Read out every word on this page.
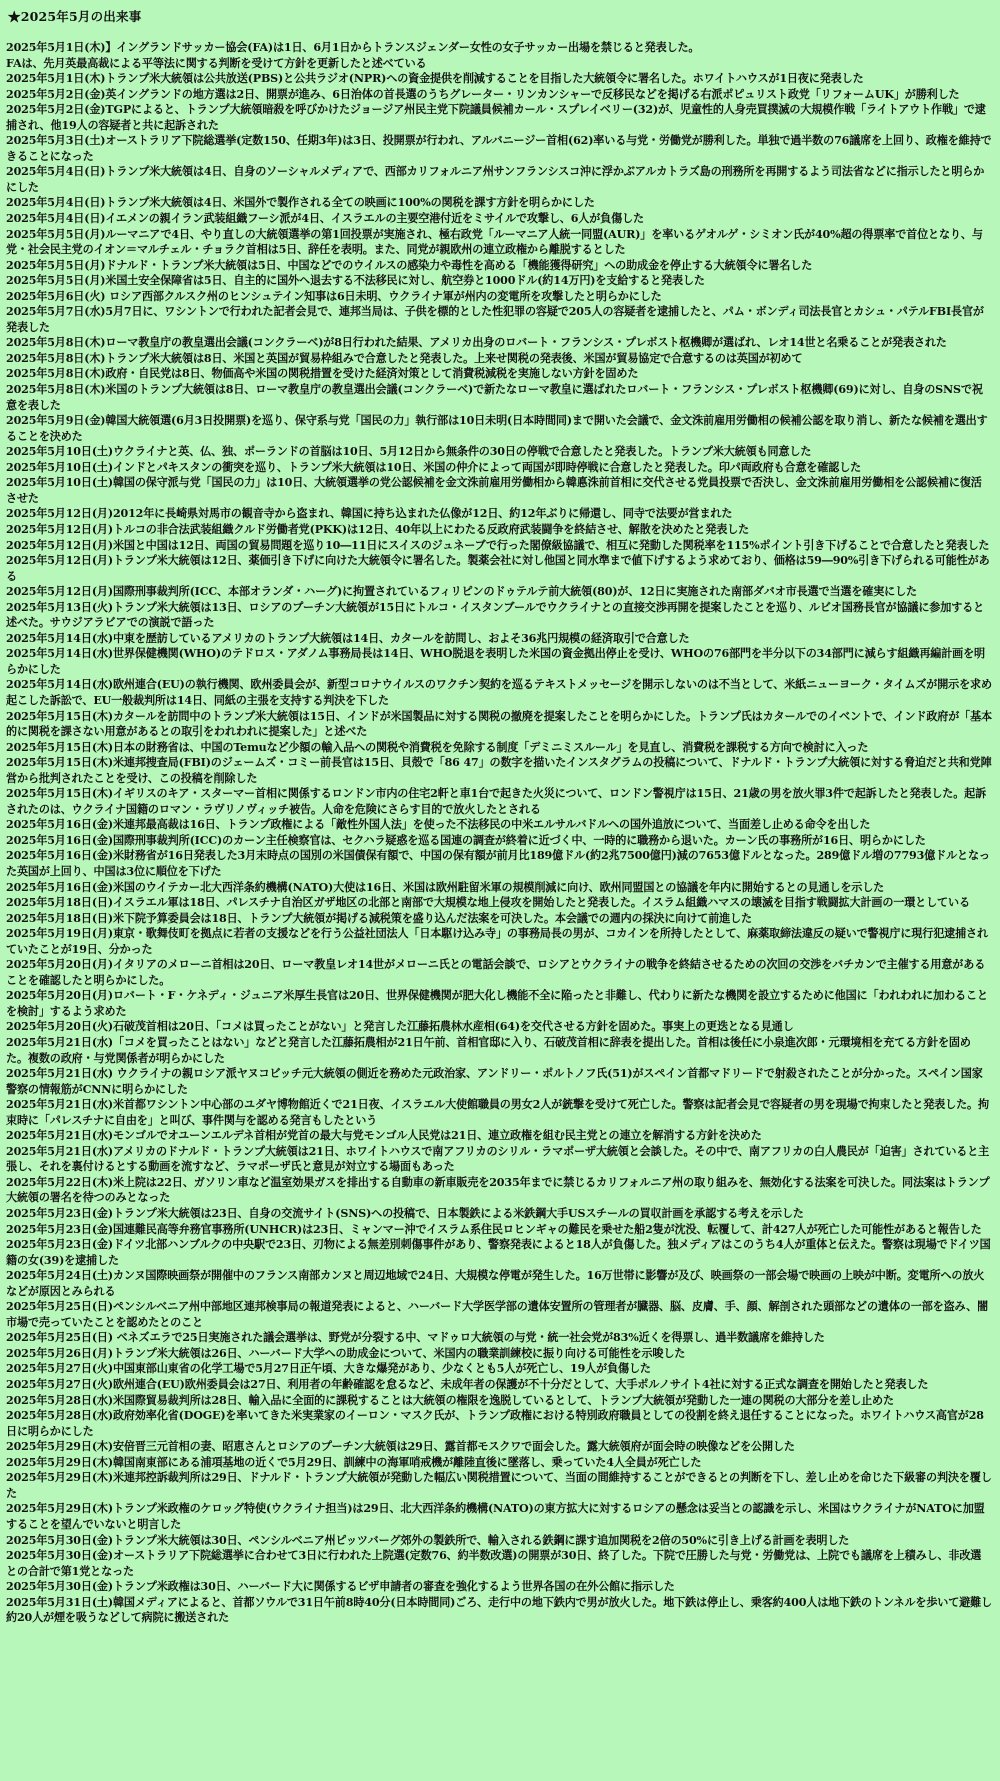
★2025年5月の出来事

2025年5月1日(木)】イングランドサッカー協会(FA)は1日、6月1日からトランスジェンダー女性の女子サッカー出場を禁じると発表した。

FAは、先月英最高裁による平等法に関する判断を受けて方針を更新したと述べている

2025年5月1日(木)トランプ米大統領は公共放送(PBS)と公共ラジオ(NPR)への資金提供を削減することを目指した大統領令に署名した。ホワイトハウスが1日夜に発表した

2025年5月2日(金)英イングランドの地方選は2日、開票が進み、6日治体の首長選のうちグレーター・リンカンシャーで反移民などを掲げる右派ポピュリスト政党「リフォームUK」が勝利した

2025年5月2日(金)TGPによると、トランプ大統領暗殺を呼びかけたジョージア州民主党下院議員候補カール・スプレイベリー(32)が、児童性的人身売買撲滅の大規模作戦「ライトアウト作戦」で逮捕され、他19人の容疑者と共に起訴された

2025年5月3日(土)オーストラリア下院総選挙(定数150、任期3年)は3日、投開票が行われ、アルバニージー首相(62)率いる与党・労働党が勝利した。単独で過半数の76議席を上回り、政権を維持できることになった

2025年5月4日(日)トランプ米大統領は4日、自身のソーシャルメディアで、西部カリフォルニア州サンフランシスコ沖に浮かぶアルカトラズ島の刑務所を再開するよう司法省などに指示したと明らかにした

2025年5月4日(日)トランプ米大統領は4日、米国外で製作される全ての映画に100%の関税を課す方針を明らかにした

2025年5月4日(日)イエメンの親イラン武装組織フーシ派が4日、イスラエルの主要空港付近をミサイルで攻撃し、6人が負傷した

2025年5月5日(月)ルーマニアで4日、やり直しの大統領選挙の第1回投票が実施され、極右政党「ルーマニア人統一同盟(AUR)」を率いるゲオルゲ・シミオン氏が40%超の得票率で首位となり、与党・社会民主党のイオン＝マルチェル・チョラク首相は5日、辞任を表明。また、同党が親欧州の連立政権から離脱するとした

2025年5月5日(月)ドナルド・トランプ米大統領は5日、中国などでのウイルスの感染力や毒性を高める「機能獲得研究」への助成金を停止する大統領令に署名した

2025年5月5日(月)米国土安全保障省は5日、自主的に国外へ退去する不法移民に対し、航空券と1000ドル(約14万円)を支給すると発表した

2025年5月6日(火) ロシア西部クルスク州のヒンシュテイン知事は6日未明、ウクライナ軍が州内の変電所を攻撃したと明らかにした

2025年5月7日(水)5月7日に、ワシントンで行われた記者会見で、連邦当局は、子供を標的とした性犯罪の容疑で205人の容疑者を逮捕したと、パム・ボンディ司法長官とカシュ・パテルFBI長官が発表した

2025年5月8日(木)ローマ教皇庁の教皇選出会議(コンクラーベ)が8日行われた結果、アメリカ出身のロバート・フランシス・プレボスト枢機卿が選ばれ、レオ14世と名乗ることが発表された

2025年5月8日(木)トランプ米大統領は8日、米国と英国が貿易枠組みで合意したと発表した。上来せ関税の発表後、米国が貿易協定で合意するのは英国が初めて

2025年5月8日(木)政府・自民党は8日、物価高や米国の関税措置を受けた経済対策として消費税減税を実施しない方針を固めた

2025年5月8日(木)米国のトランプ大統領は8日、ローマ教皇庁の教皇選出会議(コンクラーベ)で新たなローマ教皇に選ばれたロバート・フランシス・プレボスト枢機卿(69)に対し、自身のSNSで祝意を表した

2025年5月9日(金)韓国大統領選(6月3日投開票)を巡り、保守系与党「国民の力」執行部は10日未明(日本時間同)まで開いた会議で、金文洙前雇用労働相の候補公認を取り消し、新たな候補を選出することを決めた

2025年5月10日(土)ウクライナと英、仏、独、ポーランドの首脳は10日、5月12日から無条件の30日の停戦で合意したと発表した。トランプ米大統領も同意した

2025年5月10日(土)インドとパキスタンの衝突を巡り、トランプ米大統領は10日、米国の仲介によって両国が即時停戦に合意したと発表した。印パ両政府も合意を確認した

2025年5月10日(土)韓国の保守派与党「国民の力」は10日、大統領選挙の党公認候補を金文洙前雇用労働相から韓悳洙前首相に交代させる党員投票で否決し、金文洙前雇用労働相を公認候補に復活させた

2025年5月12日(月)2012年に長崎県対馬市の観音寺から盗まれ、韓国に持ち込まれた仏像が12日、約12年ぶりに帰還し、同寺で法要が営まれた

2025年5月12日(月)トルコの非合法武装組織クルド労働者党(PKK)は12日、40年以上にわたる反政府武装闘争を終結させ、解散を決めたと発表した

2025年5月12日(月)米国と中国は12日、両国の貿易問題を巡り10―11日にスイスのジュネーブで行った閣僚級協議で、相互に発動した関税率を115%ポイント引き下げることで合意したと発表した

2025年5月12日(月)トランプ米大統領は12日、薬価引き下げに向けた大統領令に署名した。製薬会社に対し他国と同水準まで値下げするよう求めており、価格は59―90%引き下げられる可能性がある

2025年5月12日(月)国際刑事裁判所(ICC、本部オランダ・ハーグ)に拘置されているフィリピンのドゥテルテ前大統領(80)が、12日に実施された南部ダバオ市長選で当選を確実にした

2025年5月13日(火)トランプ米大統領は13日、ロシアのプーチン大統領が15日にトルコ・イスタンブールでウクライナとの直接交渉再開を提案したことを巡り、ルビオ国務長官が協議に参加すると述べた。サウジアラビアでの演説で語った

2025年5月14日(水)中東を歴訪しているアメリカのトランプ大統領は14日、カタールを訪問し、およそ36兆円規模の経済取引で合意した

2025年5月14日(水)世界保健機関(WHO)のテドロス・アダノム事務局長は14日、WHO脱退を表明した米国の資金拠出停止を受け、WHOの76部門を半分以下の34部門に減らす組織再編計画を明らかにした

2025年5月14日(水)欧州連合(EU)の執行機関、欧州委員会が、新型コロナウイルスのワクチン契約を巡るテキストメッセージを開示しないのは不当として、米紙ニューヨーク・タイムズが開示を求め起こした訴訟で、EU一般裁判所は14日、同紙の主張を支持する判決を下した

2025年5月15日(木)カタールを訪問中のトランプ米大統領は15日、インドが米国製品に対する関税の撤廃を提案したことを明らかにした。トランプ氏はカタールでのイベントで、インド政府が「基本的に関税を課さない用意があるとの取引をわれわれに提案した」と述べた

2025年5月15日(木)日本の財務省は、中国のTemuなど少額の輸入品への関税や消費税を免除する制度「デミニミスルール」を見直し、消費税を課税する方向で検討に入った

2025年5月15日(木)米連邦捜査局(FBI)のジェームズ・コミー前長官は15日、貝殻で「86 47」の数字を描いたインスタグラムの投稿について、ドナルド・トランプ大統領に対する脅迫だと共和党陣営から批判されたことを受け、この投稿を削除した

2025年5月15日(木)イギリスのキア・スターマー首相に関係するロンドン市内の住宅2軒と車1台で起きた火災について、ロンドン警視庁は15日、21歳の男を放火罪3件で起訴したと発表した。起訴されたのは、ウクライナ国籍のロマン・ラヴリノヴィッチ被告。人命を危険にさらす目的で放火したとされる

2025年5月16日(金)米連邦最高裁は16日、トランプ政権による「敵性外国人法」を使った不法移民の中米エルサルバドルへの国外追放について、当面差し止める命令を出した

2025年5月16日(金)国際刑事裁判所(ICC)のカーン主任検察官は、セクハラ疑惑を巡る国連の調査が終着に近づく中、一時的に職務から退いた。カーン氏の事務所が16日、明らかにした

2025年5月16日(金)米財務省が16日発表した3月末時点の国別の米国債保有額で、中国の保有額が前月比189億ドル(約2兆7500億円)減の7653億ドルとなった。289億ドル増の7793億ドルとなった英国が上回り、中国は3位に順位を下げた

2025年5月16日(金)米国のウイテカー北大西洋条約機構(NATO)大使は16日、米国は欧州駐留米軍の規模削減に向け、欧州同盟国との協議を年内に開始するとの見通しを示した

2025年5月18日(日)イスラエル軍は18日、パレスチナ自治区ガザ地区の北部と南部で大規模な地上侵攻を開始したと発表した。イスラム組織ハマスの壊滅を目指す戦闘拡大計画の一環としている

2025年5月18日(日)米下院予算委員会は18日、トランプ大統領が掲げる減税策を盛り込んだ法案を可決した。本会議での週内の採決に向けて前進した

2025年5月19日(月)東京・歌舞伎町を拠点に若者の支援などを行う公益社団法人「日本駆け込み寺」の事務局長の男が、コカインを所持したとして、麻薬取締法違反の疑いで警視庁に現行犯逮捕されていたことが19日、分かった

2025年5月20日(月)イタリアのメローニ首相は20日、ローマ教皇レオ14世がメローニ氏との電話会談で、ロシアとウクライナの戦争を終結させるための次回の交渉をバチカンで主催する用意があることを確認したと明らかにした。

2025年5月20日(月)ロバート・F・ケネディ・ジュニア米厚生長官は20日、世界保健機関が肥大化し機能不全に陥ったと非難し、代わりに新たな機関を設立するために他国に「われわれに加わることを検討」するよう求めた

2025年5月20日(火)石破茂首相は20日、「コメは買ったことがない」と発言した江藤拓農林水産相(64)を交代させる方針を固めた。事実上の更迭となる見通し

2025年5月21日(水)「コメを買ったことはない」などと発言した江藤拓農相が21日午前、首相官邸に入り、石破茂首相に辞表を提出した。首相は後任に小泉進次郎・元環境相を充てる方針を固めた。複数の政府・与党関係者が明らかにした

2025年5月21日(水) ウクライナの親ロシア派ヤヌコビッチ元大統領の側近を務めた元政治家、アンドリー・ポルトノフ氏(51)がスペイン首都マドリードで射殺されたことが分かった。スペイン国家警察の情報筋がCNNに明らかにした

2025年5月21日(水)米首都ワシントン中心部のユダヤ博物館近くで21日夜、イスラエル大使館職員の男女2人が銃撃を受けて死亡した。警察は記者会見で容疑者の男を現場で拘束したと発表した。拘束時に「パレスチナに自由を」と叫び、事件関与を認める発言もしたという

2025年5月21日(水)モンゴルでオユーンエルデネ首相が党首の最大与党モンゴル人民党は21日、連立政権を組む民主党との連立を解消する方針を決めた

2025年5月21日(水)アメリカのドナルド・トランプ大統領は21日、ホワイトハウスで南アフリカのシリル・ラマポーザ大統領と会談した。その中で、南アフリカの白人農民が「迫害」されていると主張し、それを裏付けるとする動画を流すなど、ラマポーザ氏と意見が対立する場面もあった

2025年5月22日(木)米上院は22日、ガソリン車など温室効果ガスを排出する自動車の新車販売を2035年までに禁じるカリフォルニア州の取り組みを、無効化する法案を可決した。同法案はトランプ大統領の署名を待つのみとなった

2025年5月23日(金)トランプ米大統領は23日、自身の交流サイト(SNS)への投稿で、日本製鉄による米鉄鋼大手USスチールの買収計画を承認する考えを示した

2025年5月23日(金)国連難民高等弁務官事務所(UNHCR)は23日、ミャンマー沖でイスラム系住民ロヒンギャの難民を乗せた船2隻が沈没、転覆して、計427人が死亡した可能性があると報告した

2025年5月23日(金)ドイツ北部ハンブルクの中央駅で23日、刃物による無差別刺傷事件があり、警察発表によると18人が負傷した。独メディアはこのうち4人が重体と伝えた。警察は現場でドイツ国籍の女(39)を逮捕した

2025年5月24日(土)カンヌ国際映画祭が開催中のフランス南部カンヌと周辺地域で24日、大規模な停電が発生した。16万世帯に影響が及び、映画祭の一部会場で映画の上映が中断。変電所への放火などが原因とみられる

2025年5月25日(日)ペンシルベニア州中部地区連邦検事局の報道発表によると、ハーバード大学医学部の遺体安置所の管理者が臓器、脳、皮膚、手、顔、解剖された頭部などの遺体の一部を盗み、闇市場で売っていたことを認めたとのこと

2025年5月25日(日) ベネズエラで25日実施された議会選挙は、野党が分裂する中、マドゥロ大統領の与党・統一社会党が83%近くを得票し、過半数議席を維持した

2025年5月26日(月)トランプ米大統領は26日、ハーバード大学への助成金について、米国内の職業訓練校に振り向ける可能性を示唆した

2025年5月27日(火)中国東部山東省の化学工場で5月27日正午頃、大きな爆発があり、少なくとも5人が死亡し、19人が負傷した

2025年5月27日(火)欧州連合(EU)欧州委員会は27日、利用者の年齢確認を怠るなど、未成年者の保護が不十分だとして、大手ポルノサイト4社に対する正式な調査を開始したと発表した

2025年5月28日(水)米国際貿易裁判所は28日、輸入品に全面的に課税することは大統領の権限を逸脱しているとして、トランプ大統領が発動した一連の関税の大部分を差し止めた

2025年5月28日(水)政府効率化省(DOGE)を率いてきた米実業家のイーロン・マスク氏が、トランプ政権における特別政府職員としての役割を終え退任することになった。ホワイトハウス高官が28日に明らかにした

2025年5月29日(木)安倍晋三元首相の妻、昭恵さんとロシアのプーチン大統領は29日、露首都モスクワで面会した。露大統領府が面会時の映像などを公開した

2025年5月29日(木)韓国南東部にある浦項基地の近くで5月29日、訓練中の海軍哨戒機が離陸直後に墜落し、乗っていた4人全員が死亡した

2025年5月29日(木)米連邦控訴裁判所は29日、ドナルド・トランプ大統領が発動した幅広い関税措置について、当面の間維持することができるとの判断を下し、差し止めを命じた下級審の判決を覆した

2025年5月29日(木)トランプ米政権のケロッグ特使(ウクライナ担当)は29日、北大西洋条約機構(NATO)の東方拡大に対するロシアの懸念は妥当との認識を示し、米国はウクライナがNATOに加盟することを望んでいないと明言した

2025年5月30日(金)トランプ米大統領は30日、ペンシルベニア州ピッツバーグ郊外の製鉄所で、輸入される鉄鋼に課す追加関税を2倍の50%に引き上げる計画を表明した

2025年5月30日(金)オーストラリア下院総選挙に合わせて3日に行われた上院選(定数76、約半数改選)の開票が30日、終了した。下院で圧勝した与党・労働党は、上院でも議席を上積みし、非改選との合計で第1党となった

2025年5月30日(金)トランプ米政権は30日、ハーバード大に関係するビザ申請者の審査を強化するよう世界各国の在外公館に指示した

2025年5月31日(土)韓国メディアによると、首都ソウルで31日午前8時40分(日本時間同)ごろ、走行中の地下鉄内で男が放火した。地下鉄は停止し、乗客約400人は地下鉄のトンネルを歩いて避難し約20人が煙を吸うなどして病院に搬送された
